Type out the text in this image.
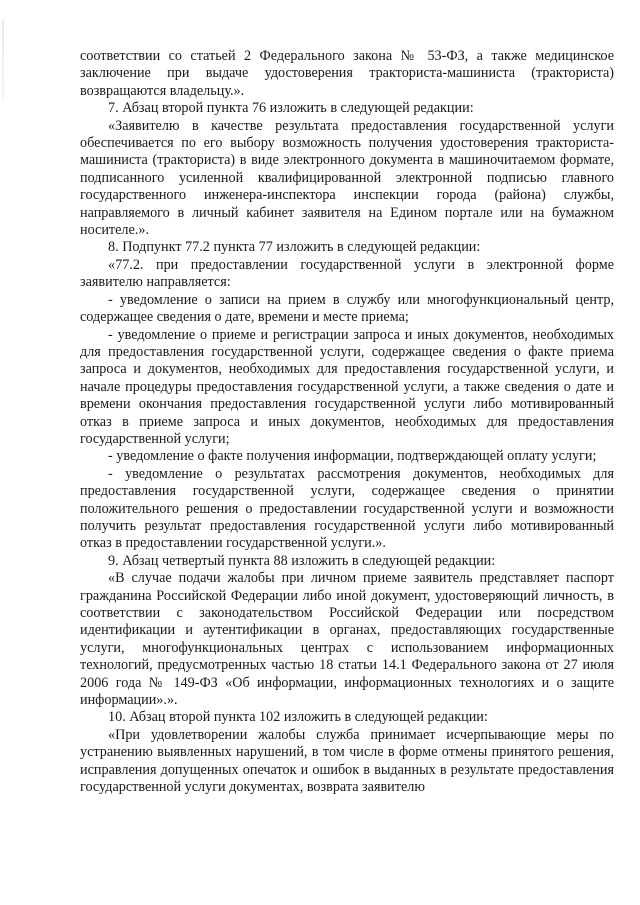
соответствии со статьей 2 Федерального закона № 53-ФЗ, а также медицинское заключение при выдаче удостоверения тракториста-машиниста (тракториста) возвращаются владельцу.».

7. Абзац второй пункта 76 изложить в следующей редакции:

«Заявителю в качестве результата предоставления государственной услуги обеспечивается по его выбору возможность получения удостоверения тракториста-машиниста (тракториста) в виде электронного документа в машиночитаемом формате, подписанного усиленной квалифицированной электронной подписью главного государственного инженера-инспектора инспекции города (района) службы, направляемого в личный кабинет заявителя на Едином портале или на бумажном носителе.».

8. Подпункт 77.2 пункта 77 изложить в следующей редакции:

«77.2. при предоставлении государственной услуги в электронной форме заявителю направляется:

- уведомление о записи на прием в службу или многофункциональный центр, содержащее сведения о дате, времени и месте приема;

- уведомление о приеме и регистрации запроса и иных документов, необходимых для предоставления государственной услуги, содержащее сведения о факте приема запроса и документов, необходимых для предоставления государственной услуги, и начале процедуры предоставления государственной услуги, а также сведения о дате и времени окончания предоставления государственной услуги либо мотивированный отказ в приеме запроса и иных документов, необходимых для предоставления государственной услуги;

- уведомление о факте получения информации, подтверждающей оплату услуги;

- уведомление о результатах рассмотрения документов, необходимых для предоставления государственной услуги, содержащее сведения о принятии положительного решения о предоставлении государственной услуги и возможности получить результат предоставления государственной услуги либо мотивированный отказ в предоставлении государственной услуги.».

9. Абзац четвертый пункта 88 изложить в следующей редакции:

«В случае подачи жалобы при личном приеме заявитель представляет паспорт гражданина Российской Федерации либо иной документ, удостоверяющий личность, в соответствии с законодательством Российской Федерации или посредством идентификации и аутентификации в органах, предоставляющих государственные услуги, многофункциональных центрах с использованием информационных технологий, предусмотренных частью 18 статьи 14.1 Федерального закона от 27 июля 2006 года № 149-ФЗ «Об информации, информационных технологиях и о защите информации».».

10. Абзац второй пункта 102 изложить в следующей редакции:

«При удовлетворении жалобы служба принимает исчерпывающие меры по устранению выявленных нарушений, в том числе в форме отмены принятого решения, исправления допущенных опечаток и ошибок в выданных в результате предоставления государственной услуги документах, возврата заявителю
